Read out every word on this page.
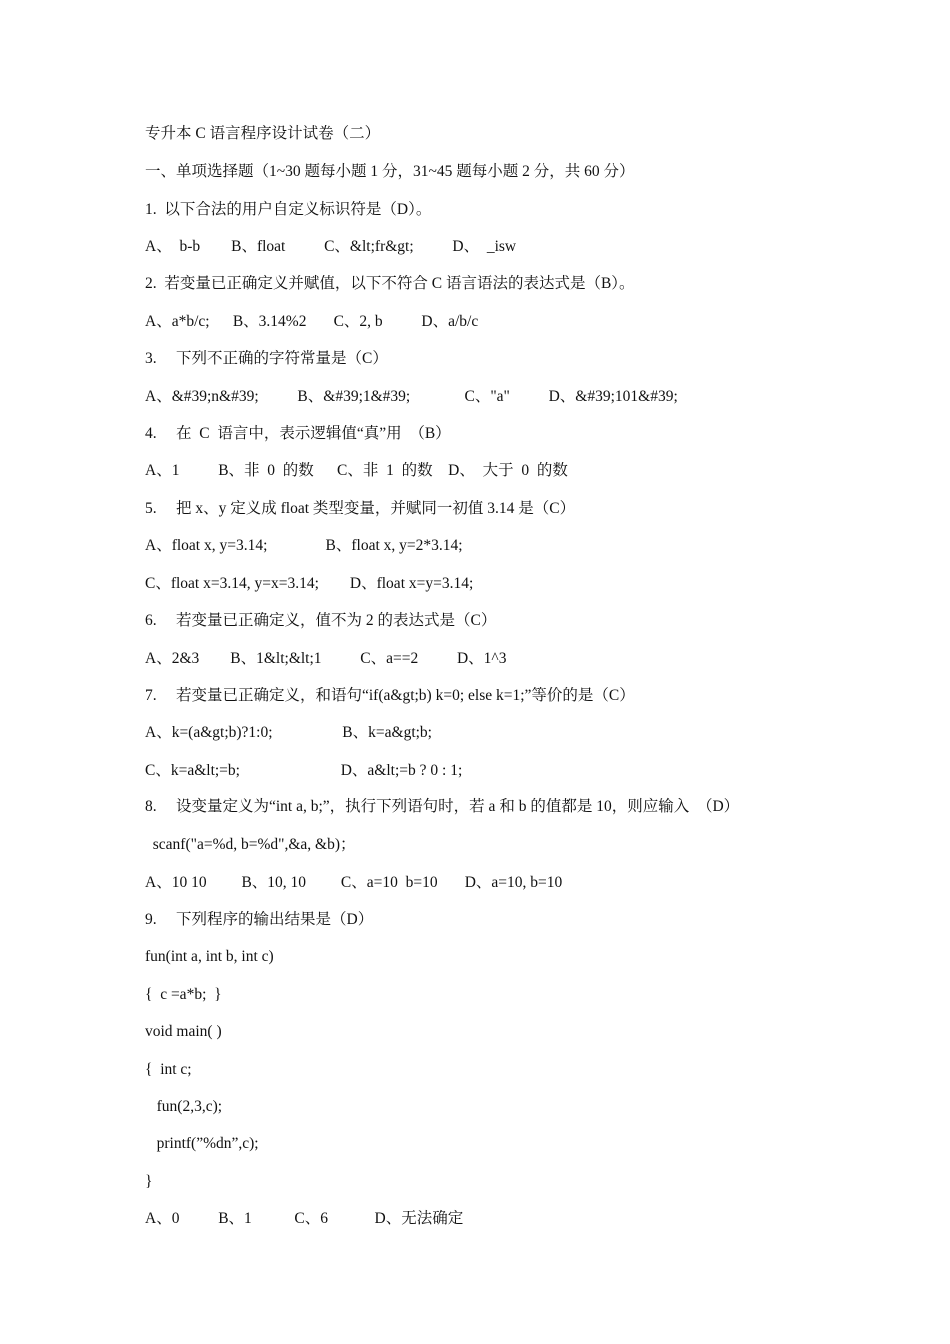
专升本 C 语言程序设计试卷（二）
一、单项选择题（1~30 题每小题 1 分，31~45 题每小题 2 分，共 60 分）
1.  以下合法的用户自定义标识符是（D）。
A、  b-b        B、float          C、&lt;fr&gt;          D、  _isw
2.  若变量已正确定义并赋值，以下不符合 C 语言语法的表达式是（B）。
A、a*b/c;      B、3.14%2       C、2, b          D、a/b/c
3.     下列不正确的字符常量是（C）
A、&#39;n&#39;          B、&#39;1&#39;              C、"a"          D、&#39;101&#39;
4.     在  C  语言中，表示逻辑值“真”用  （B）
A、1          B、非  0  的数      C、非  1  的数    D、  大于  0  的数
5.     把 x、y 定义成 float 类型变量，并赋同一初值 3.14 是（C）
A、float x, y=3.14;               B、float x, y=2*3.14;
C、float x=3.14, y=x=3.14;        D、float x=y=3.14;
6.     若变量已正确定义，值不为 2 的表达式是（C）
A、2&3        B、1&lt;&lt;1          C、a==2          D、1^3
7.     若变量已正确定义，和语句“if(a&gt;b) k=0; else k=1;”等价的是（C）
A、k=(a&gt;b)?1:0;                  B、k=a&gt;b;
C、k=a&lt;=b;                          D、a&lt;=b ? 0 : 1;
8.     设变量定义为“int a, b;”，执行下列语句时，若 a 和 b 的值都是 10，则应输入  （D）
scanf("a=%d, b=%d",&a, &b)；
A、10 10         B、10, 10         C、a=10  b=10       D、a=10, b=10
9.     下列程序的输出结果是（D）
fun(int a, int b, int c)
{  c =a*b;  }
void main( )
{  int c;
fun(2,3,c);
printf(”%dn”,c);
}
A、0          B、1           C、6            D、无法确定
